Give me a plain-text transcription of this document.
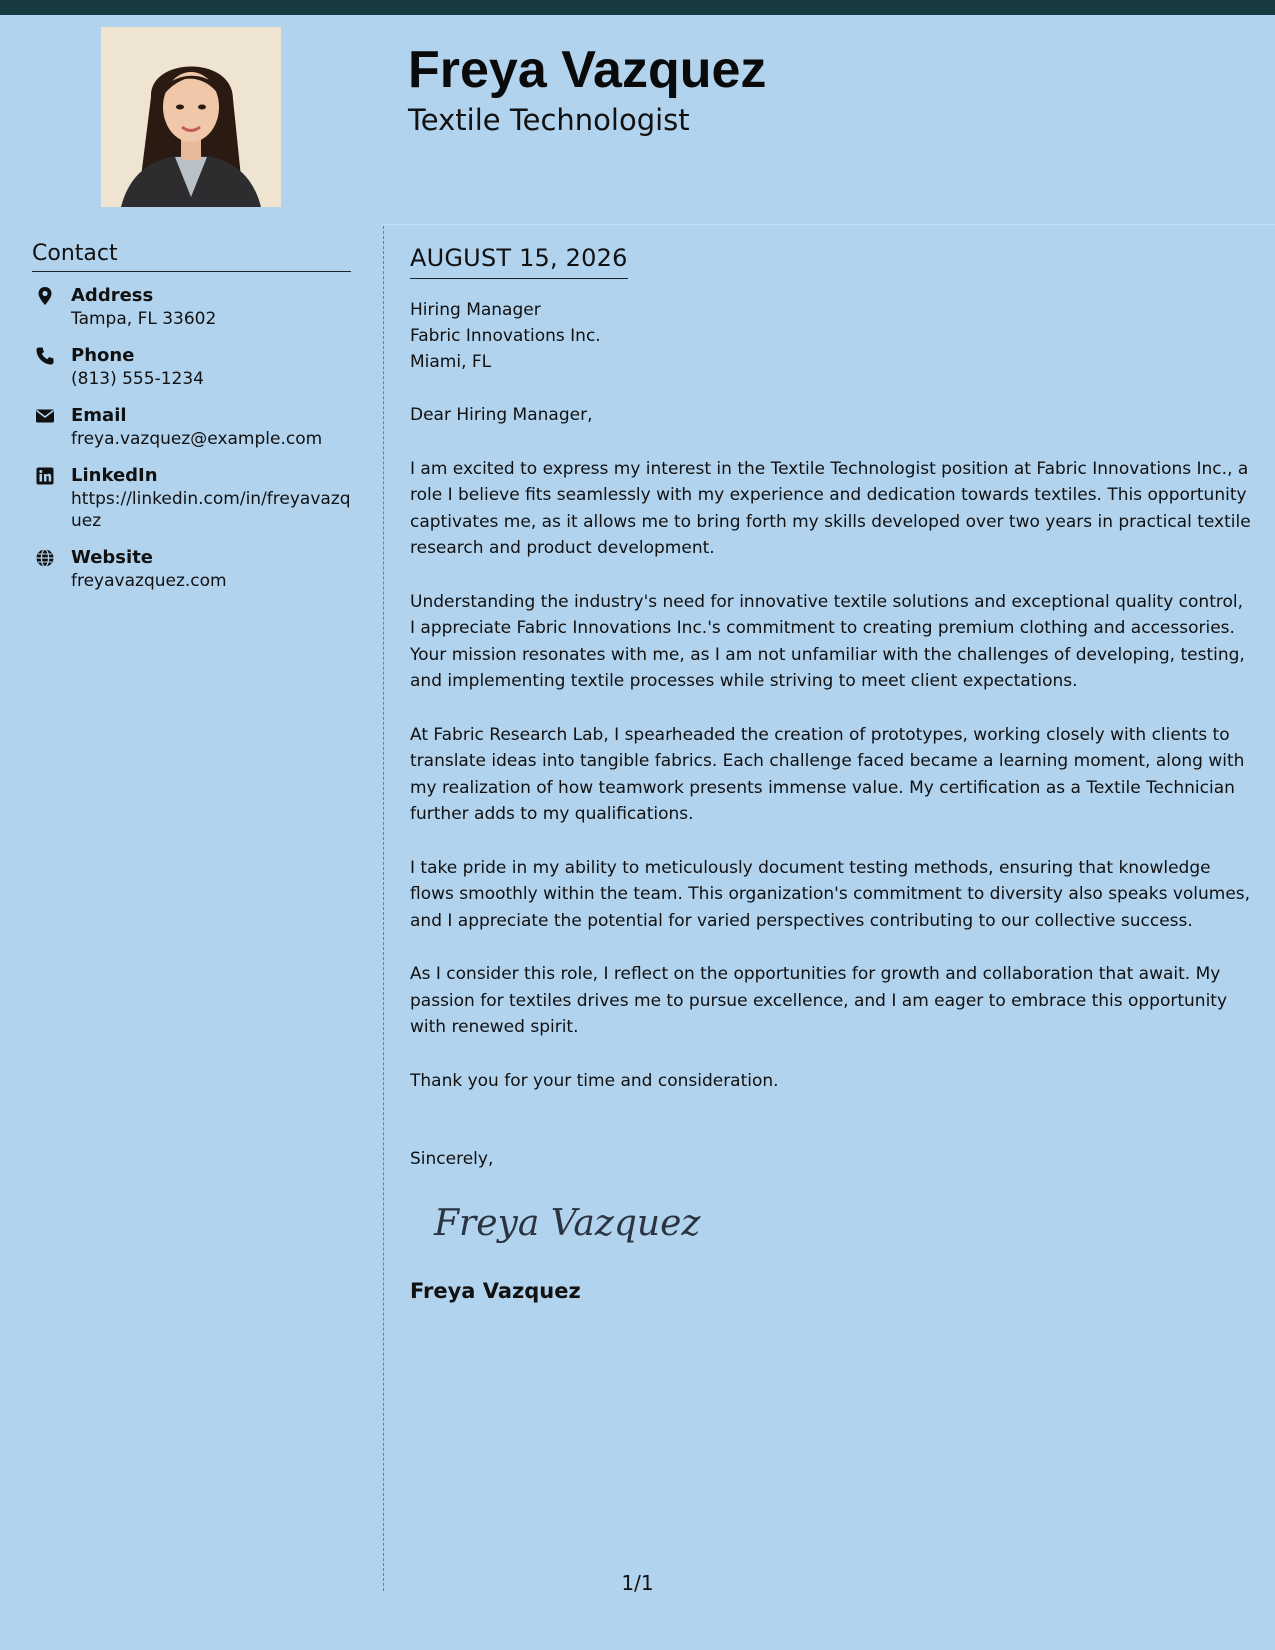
Freya Vazquez
Textile Technologist
Contact
Address
Tampa, FL 33602
Phone
(813) 555-1234
Email
freya.vazquez@example.com
LinkedIn
https://linkedin.com/in/freyavazquez
Website
freyavazquez.com
AUGUST 15, 2026
Hiring Manager
Fabric Innovations Inc.
Miami, FL
Dear Hiring Manager,
I am excited to express my interest in the Textile Technologist position at Fabric Innovations Inc., a role I believe fits seamlessly with my experience and dedication towards textiles. This opportunity captivates me, as it allows me to bring forth my skills developed over two years in practical textile research and product development.
Understanding the industry's need for innovative textile solutions and exceptional quality control, I appreciate Fabric Innovations Inc.'s commitment to creating premium clothing and accessories. Your mission resonates with me, as I am not unfamiliar with the challenges of developing, testing, and implementing textile processes while striving to meet client expectations.
At Fabric Research Lab, I spearheaded the creation of prototypes, working closely with clients to translate ideas into tangible fabrics. Each challenge faced became a learning moment, along with my realization of how teamwork presents immense value. My certification as a Textile Technician further adds to my qualifications.
I take pride in my ability to meticulously document testing methods, ensuring that knowledge flows smoothly within the team. This organization's commitment to diversity also speaks volumes, and I appreciate the potential for varied perspectives contributing to our collective success.
As I consider this role, I reflect on the opportunities for growth and collaboration that await. My passion for textiles drives me to pursue excellence, and I am eager to embrace this opportunity with renewed spirit.
Thank you for your time and consideration.
Sincerely,
Freya Vazquez
Freya Vazquez
1/1
